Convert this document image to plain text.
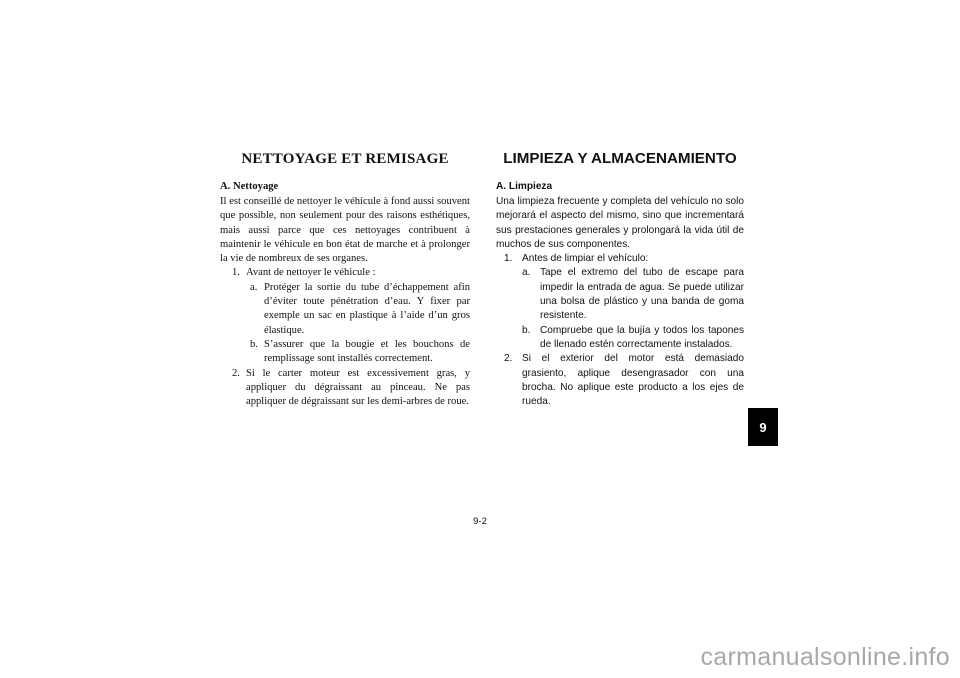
NETTOYAGE ET REMISAGE
A. Nettoyage

Il est conseillé de nettoyer le véhicule à fond aussi souvent que possible, non seulement pour des raisons esthétiques, mais aussi parce que ces nettoyages contribuent à maintenir le véhicule en bon état de marche et à prolonger la vie de nombreux de ses organes.

1. Avant de nettoyer le véhicule :
a. Protéger la sortie du tube d’échappement afin d’éviter toute pénétration d’eau. Y fixer par exemple un sac en plastique à l’aide d’un gros élastique.
b. S’assurer que la bougie et les bouchons de remplissage sont installés correctement.
2. Si le carter moteur est excessivement gras, y appliquer du dégraissant au pinceau. Ne pas appliquer de dégraissant sur les demi-arbres de roue.
LIMPIEZA Y ALMACENAMIENTO
A. Limpieza

Una limpieza frecuente y completa del vehículo no solo mejorará el aspecto del mismo, sino que incrementará sus prestaciones generales y prolongará la vida útil de muchos de sus componentes.

1. Antes de limpiar el vehículo:
a. Tape el extremo del tubo de escape para impedir la entrada de agua. Se puede utilizar una bolsa de plástico y una banda de goma resistente.
b. Compruebe que la bujía y todos los tapones de llenado estén correctamente instalados.
2. Si el exterior del motor está demasiado grasiento, aplique desengrasador con una brocha. No aplique este producto a los ejes de rueda.
9-2
9
carmanualsonline.info
